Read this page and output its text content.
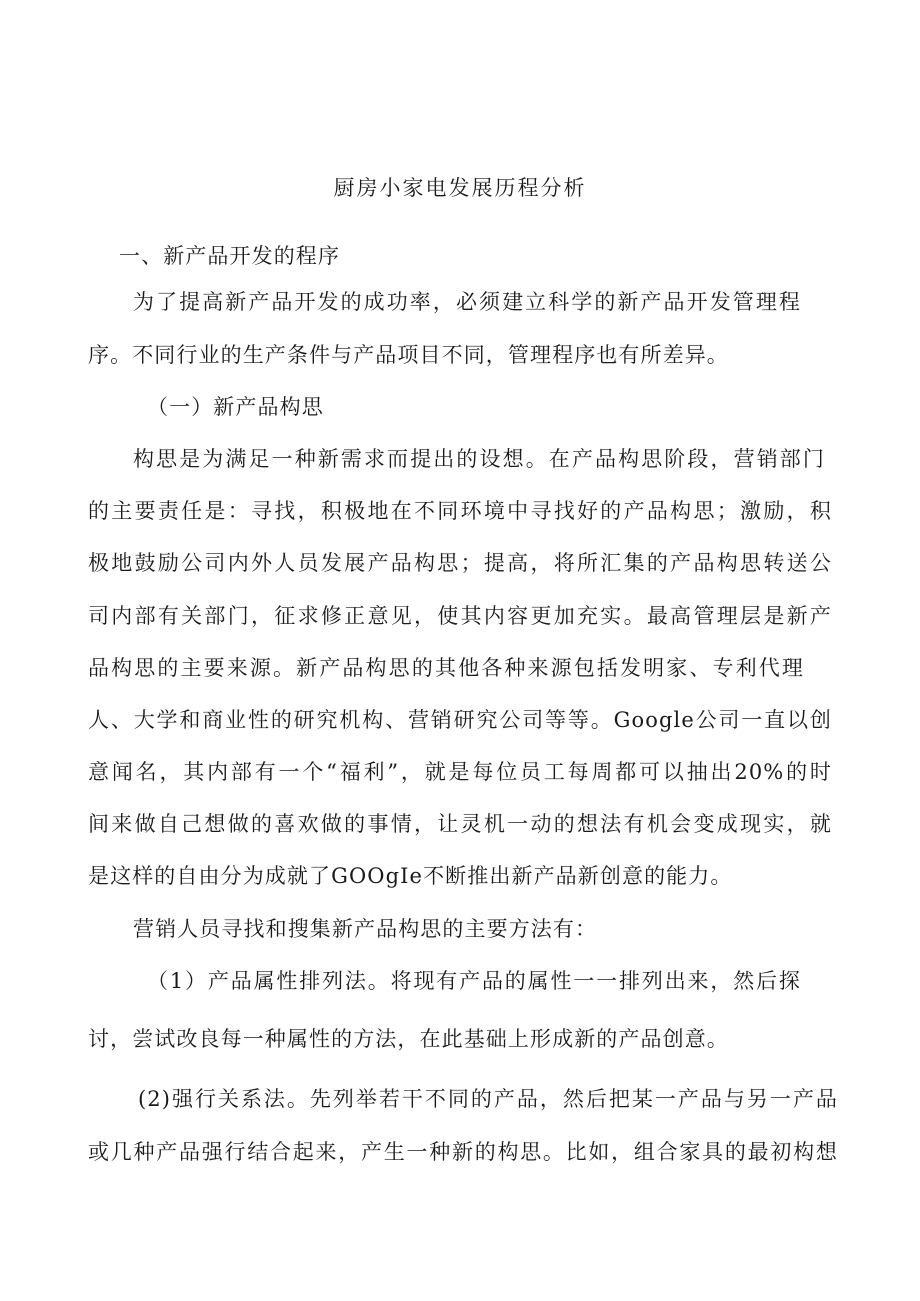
厨房小家电发展历程分析

一、新产品开发的程序

为了提高新产品开发的成功率，必须建立科学的新产品开发管理程

序。不同行业的生产条件与产品项目不同，管理程序也有所差异。

（一）新产品构思

构思是为满足一种新需求而提出的设想。在产品构思阶段，营销部门

的主要责任是：寻找，积极地在不同环境中寻找好的产品构思；激励，积

极地鼓励公司内外人员发展产品构思；提高，将所汇集的产品构思转送公

司内部有关部门，征求修正意见，使其内容更加充实。最高管理层是新产

品构思的主要来源。新产品构思的其他各种来源包括发明家、专利代理

人、大学和商业性的研究机构、营销研究公司等等。Google公司一直以创

意闻名，其内部有一个“福利”，就是每位员工每周都可以抽出20%的时

间来做自己想做的喜欢做的事情，让灵机一动的想法有机会变成现实，就

是这样的自由分为成就了GOOgIe不断推出新产品新创意的能力。

营销人员寻找和搜集新产品构思的主要方法有：

（1）产品属性排列法。将现有产品的属性一一排列出来，然后探

讨，尝试改良每一种属性的方法，在此基础上形成新的产品创意。

(2)强行关系法。先列举若干不同的产品，然后把某一产品与另一产品

或几种产品强行结合起来，产生一种新的构思。比如，组合家具的最初构想
